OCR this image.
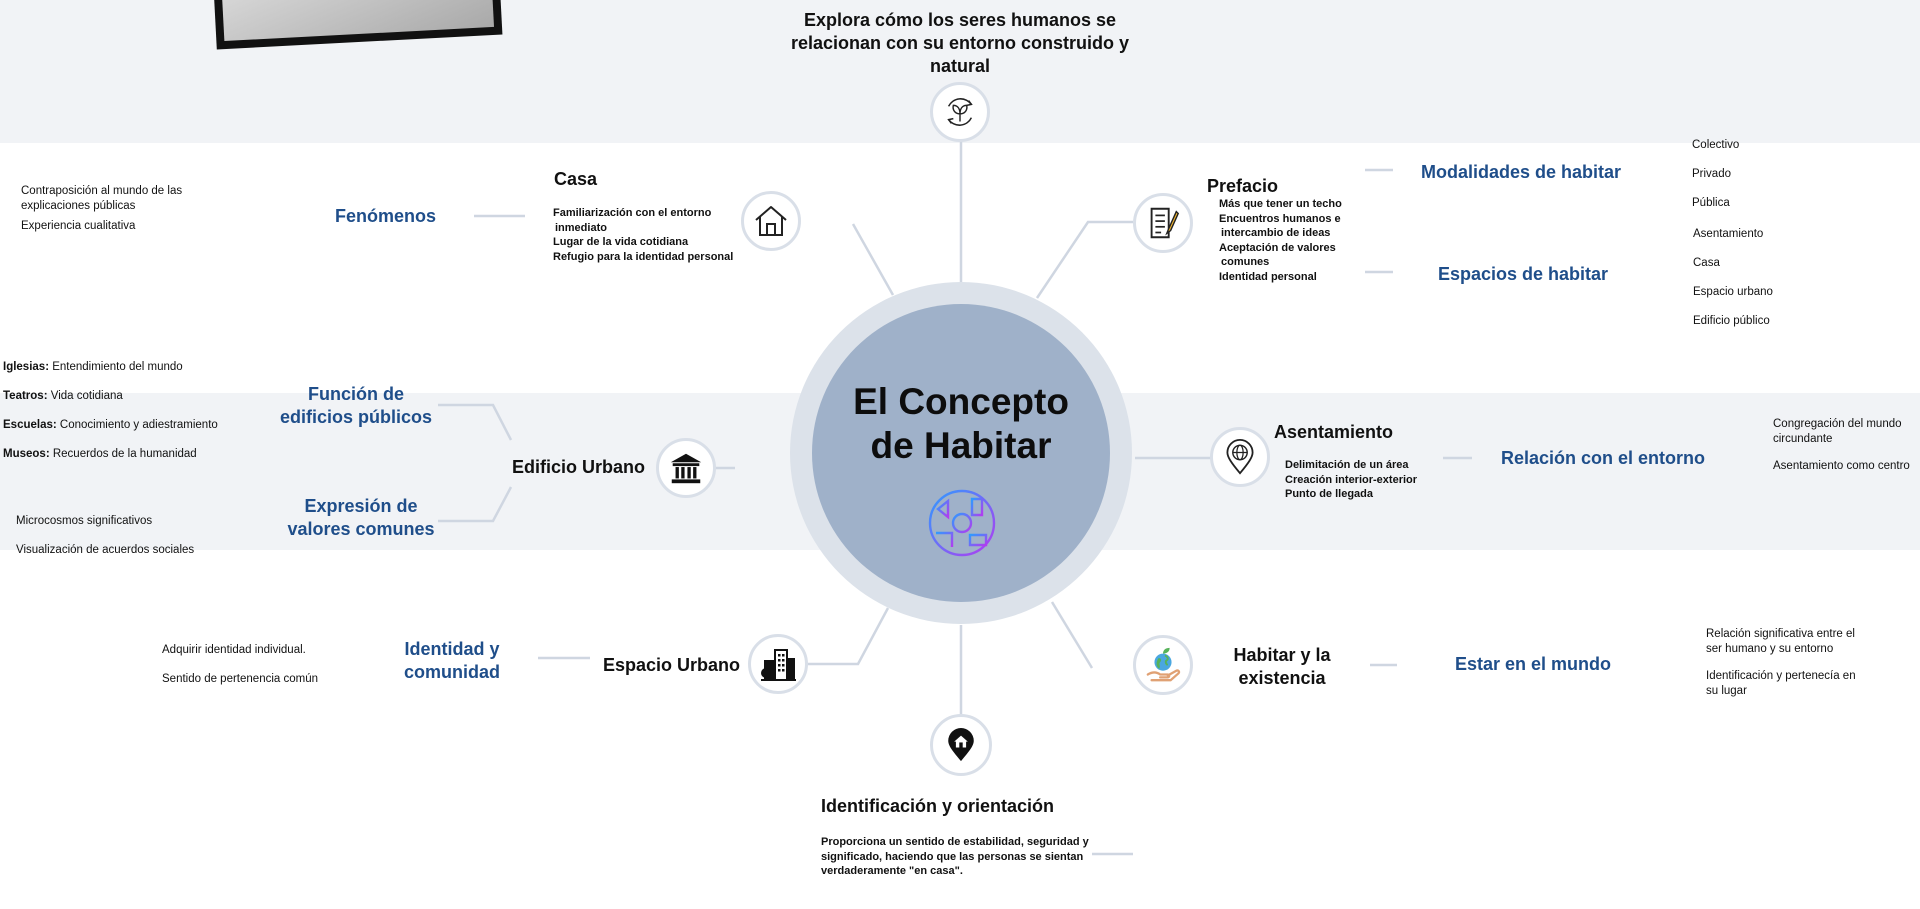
Explora cómo los seres humanos se relacionan con su entorno construido y natural
El Concepto
de Habitar
Casa
Familiarización con el entorno
inmediato
Lugar de la vida cotidiana
Refugio para la identidad personal
Fenómenos
Contraposición al mundo de las
explicaciones públicas
Experiencia cualitativa
Prefacio
Más que tener un techo
Encuentros humanos e
intercambio de ideas
Aceptación de valores
comunes
Identidad personal
Modalidades de habitar
Espacios de habitar
Colectivo
Privado
Pública
Asentamiento
Casa
Espacio urbano
Edificio público
Edificio Urbano
Función de
edificios públicos
Iglesias: Entendimiento del mundo
Teatros: Vida cotidiana
Escuelas: Conocimiento y adiestramiento
Museos: Recuerdos de la humanidad
Expresión de
valores comunes
Microcosmos significativos
Visualización de acuerdos sociales
Asentamiento
Delimitación de un área
Creación interior-exterior
Punto de llegada
Relación con el entorno
Congregación del mundo
circundante
Asentamiento como centro
Espacio Urbano
Identidad y
comunidad
Adquirir identidad individual.
Sentido de pertenencia común
Habitar y la
existencia
Estar en el mundo
Relación significativa entre el
ser humano y su entorno
Identificación y pertenecía en
su lugar
Identificación y orientación
Proporciona un sentido de estabilidad, seguridad y
significado, haciendo que las personas se sientan
verdaderamente "en casa".
